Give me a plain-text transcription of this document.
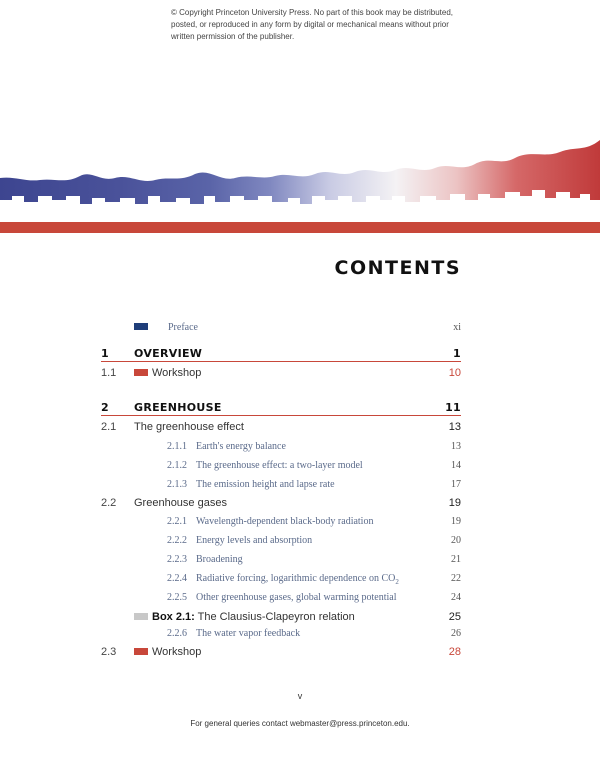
© Copyright Princeton University Press. No part of this book may be distributed, posted, or reproduced in any form by digital or mechanical means without prior written permission of the publisher.
CONTENTS
Preface	xi
1 OVERVIEW	1
1.1	Workshop	10
2 GREENHOUSE	11
2.1 The greenhouse effect	13
2.1.1 Earth's energy balance	13
2.1.2 The greenhouse effect: a two-layer model	14
2.1.3 The emission height and lapse rate	17
2.2 Greenhouse gases	19
2.2.1 Wavelength-dependent black-body radiation	19
2.2.2 Energy levels and absorption	20
2.2.3 Broadening	21
2.2.4 Radiative forcing, logarithmic dependence on $CO_2$	22
2.2.5 Other greenhouse gases, global warming potential	24
Box 2.1: The Clausius-Clapeyron relation	25
2.2.6 The water vapor feedback	26
2.3	Workshop	28
v
For general queries contact webmaster@press.princeton.edu.
